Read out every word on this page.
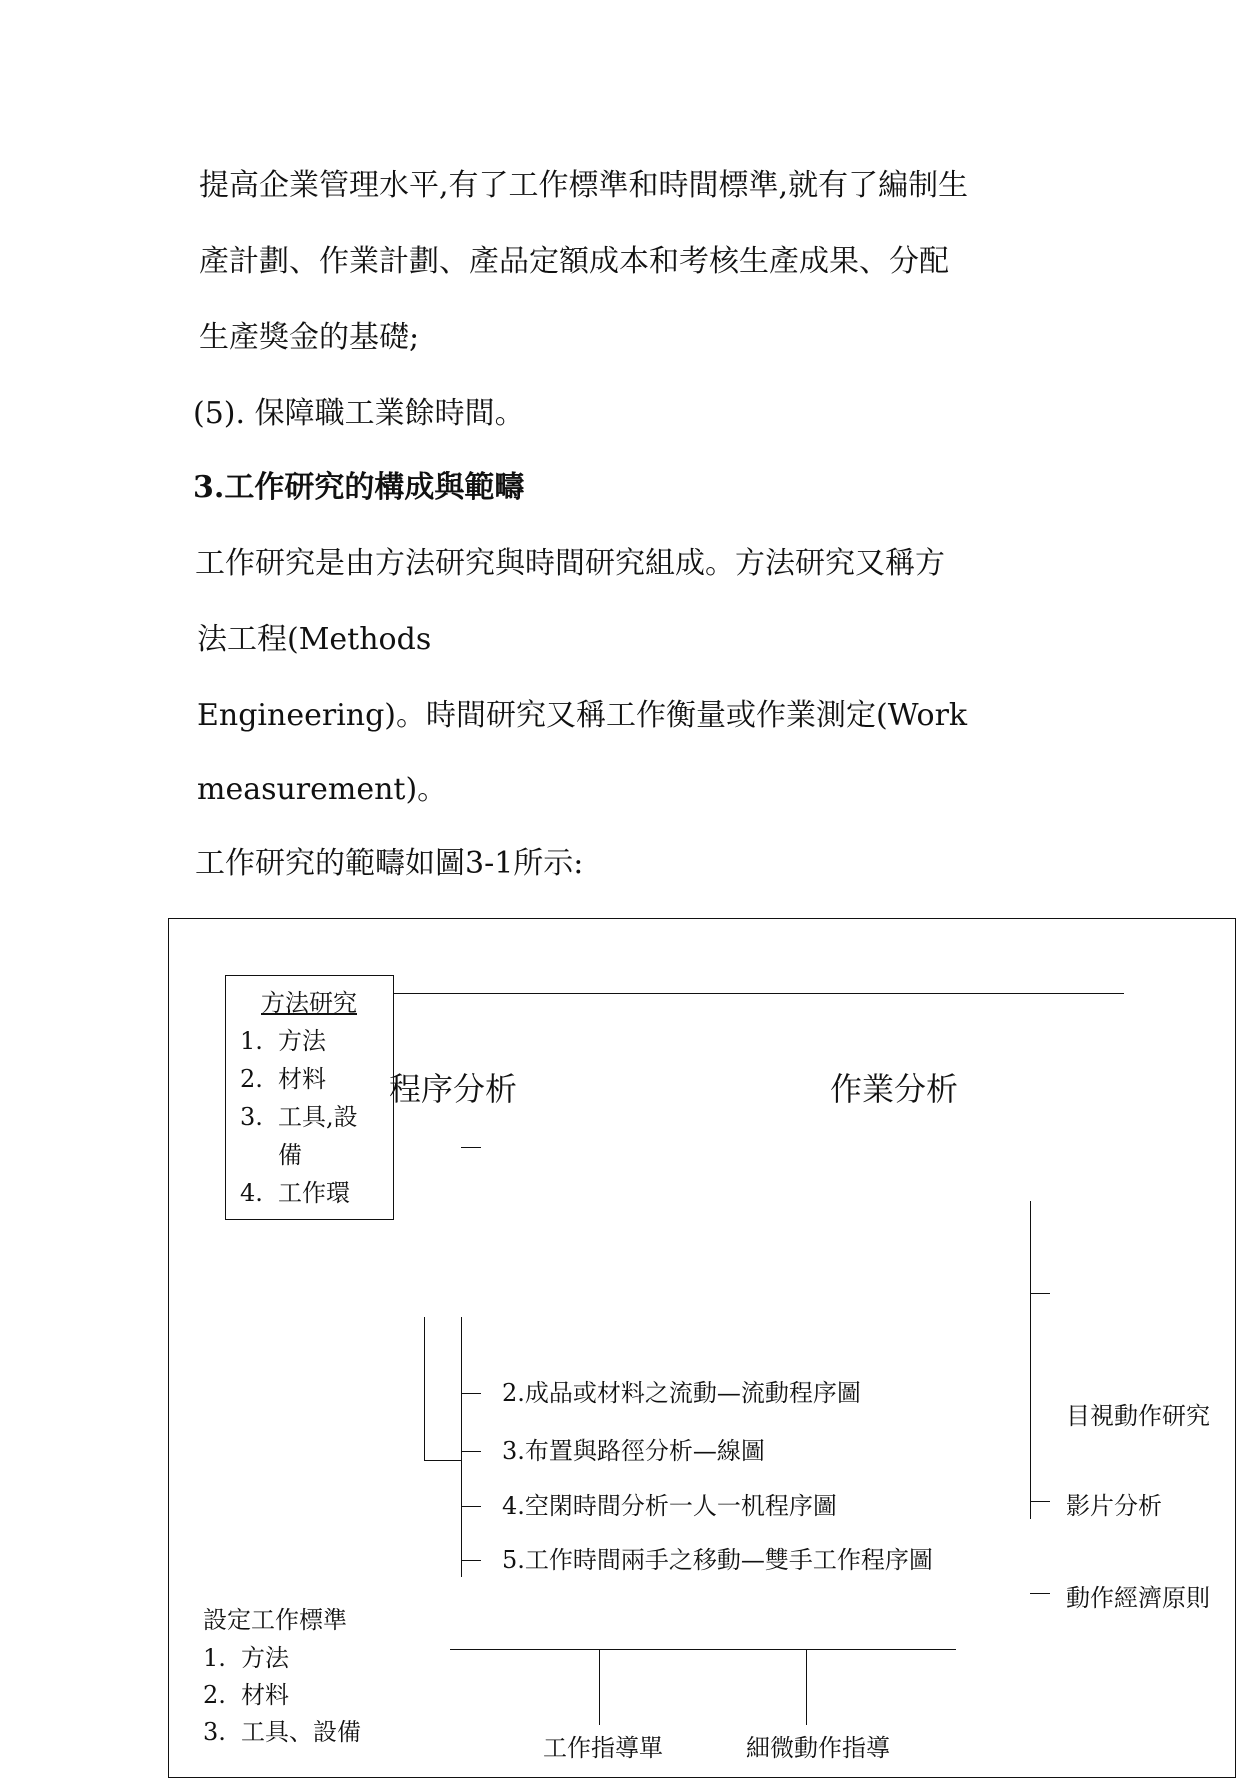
提高企業管理水平,有了工作標準和時間標準,就有了編制生
產計劃、作業計劃、產品定額成本和考核生產成果、分配
生產獎金的基礎;
(5). 保障職工業餘時間。
3.工作研究的構成與範疇
工作研究是由方法研究與時間研究組成。方法研究又稱方
法工程(Methods
Engineering)。時間研究又稱工作衡量或作業測定(Work
measurement)。
工作研究的範疇如圖3-1所示:
方法研究
1. 方法
2. 材料
3. 工具,設
備
4. 工作環
程序分析	作業分析
2.成品或材料之流動—流動程序圖
3.布置與路徑分析—線圖
4.空閑時間分析一人一机程序圖
5.工作時間兩手之移動—雙手工作程序圖
目視動作研究
影片分析
動作經濟原則
設定工作標準
1. 方法
2. 材料
3. 工具、設備
工作指導單	細微動作指導
